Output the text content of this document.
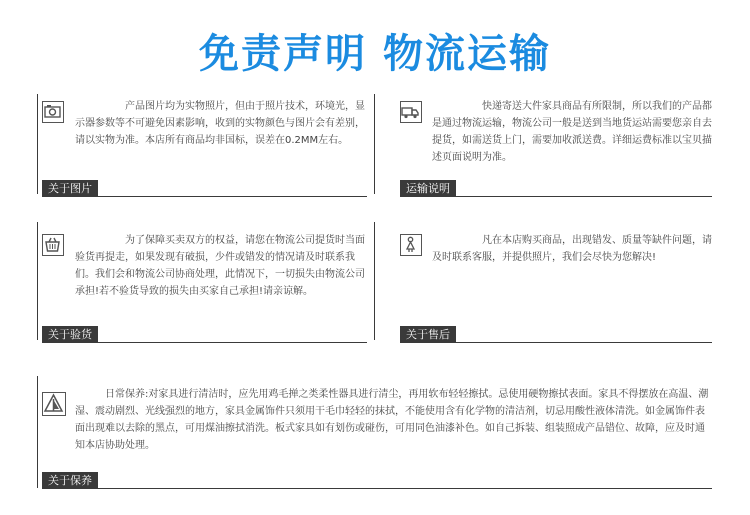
免责声明 物流运输
产品图片均为实物照片，但由于照片技术，环境光，显示器参数等不可避免因素影响，收到的实物颜色与图片会有差别，请以实物为准。本店所有商品均非国标，误差在0.2MM左右。
关于图片
快递寄送大件家具商品有所限制，所以我们的产品都是通过物流运输，物流公司一般是送到当地货运站需要您亲自去提货，如需送货上门，需要加收派送费。详细运费标准以宝贝描述页面说明为准。
运输说明
为了保障买卖双方的权益，请您在物流公司提货时当面验货再提走，如果发现有破损，少件或错发的情况请及时联系我们。我们会和物流公司协商处理，此情况下，一切损失由物流公司承担!若不验货导致的损失由买家自己承担!请亲谅解。
关于验货
凡在本店购买商品，出现错发、质量等缺件问题，请及时联系客服，并提供照片，我们会尽快为您解决!
关于售后
日常保养:对家具进行清洁时，应先用鸡毛掸之类柔性器具进行清尘，再用软布轻轻擦拭。忌使用硬物擦拭表面。家具不得摆放在高温、潮湿、震动剧烈、光线强烈的地方，家具金属饰件只须用干毛巾轻轻的抹拭，不能使用含有化学物的清洁剂，切忌用酸性液体清洗。如金属饰件表面出现难以去除的黑点，可用煤油擦拭消洗。板式家具如有划伤或碰伤，可用同色油漆补色。如自己拆装、组装照成产品错位、故障，应及时通知本店协助处理。
关于保养
